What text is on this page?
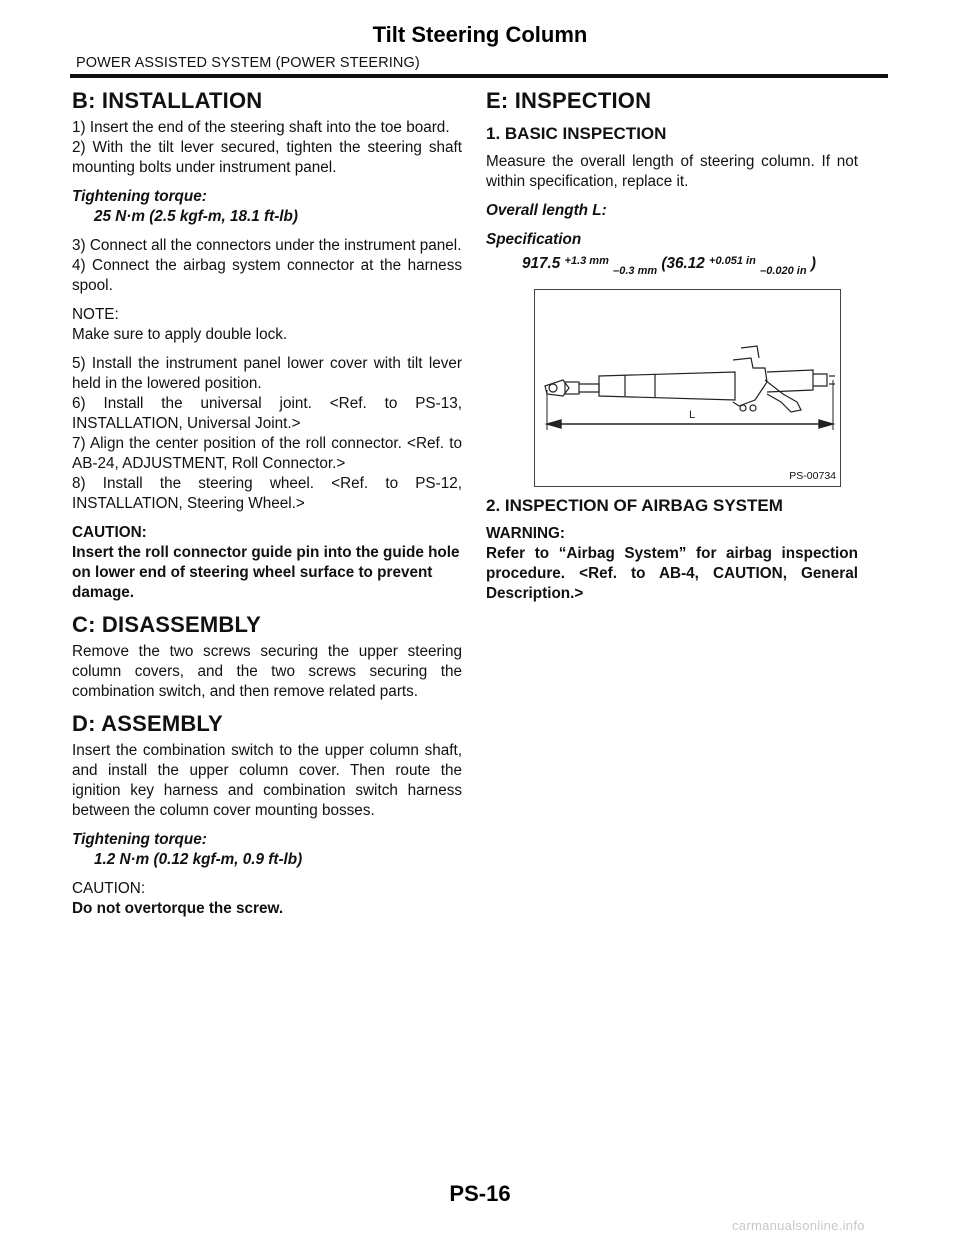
Tilt Steering Column
POWER ASSISTED SYSTEM (POWER STEERING)
B: INSTALLATION

1) Insert the end of the steering shaft into the toe board.

2) With the tilt lever secured, tighten the steering shaft mounting bolts under instrument panel.

Tightening torque:

25 N·m (2.5 kgf-m, 18.1 ft-lb)

3) Connect all the connectors under the instrument panel.

4) Connect the airbag system connector at the harness spool.

NOTE:

Make sure to apply double lock.

5) Install the instrument panel lower cover with tilt lever held in the lowered position.

6) Install the universal joint. <Ref. to PS-13, INSTALLATION, Universal Joint.>

7) Align the center position of the roll connector. <Ref. to AB-24, ADJUSTMENT, Roll Connector.>

8) Install the steering wheel. <Ref. to PS-12, INSTALLATION, Steering Wheel.>

CAUTION:

Insert the roll connector guide pin into the guide hole on lower end of steering wheel surface to prevent damage.

C: DISASSEMBLY

Remove the two screws securing the upper steering column covers, and the two screws securing the combination switch, and then remove related parts.

D: ASSEMBLY

Insert the combination switch to the upper column shaft, and install the upper column cover. Then route the ignition key harness and combination switch harness between the column cover mounting bosses.

Tightening torque:

1.2 N·m (0.12 kgf-m, 0.9 ft-lb)

CAUTION:

Do not overtorque the screw.

E: INSPECTION
1. BASIC INSPECTION

Measure the overall length of steering column. If not within specification, replace it.

Overall length L:

Specification

917.5 $^{+1.3 mm}$ $_{-0.3 mm}$ (36.12 $^{+0.051 in}$ $_{-0.020 in}$ )

L
PS-00734
2. INSPECTION OF AIRBAG SYSTEM

WARNING:

Refer to “Airbag System” for airbag inspection procedure. <Ref. to AB-4, CAUTION, General Description.>

PS-16
carmanualsonline.info
